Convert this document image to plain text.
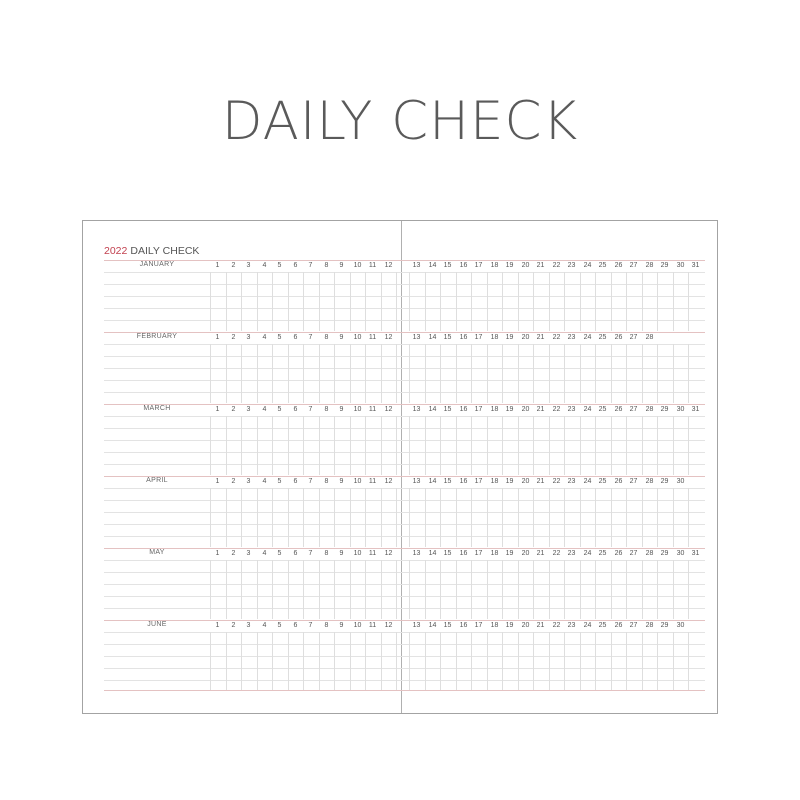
DAILY CHECK
2022 DAILY CHECK
JANUARY	1	2	3	4	5	6	7	8	9	10	11	12	13	14	15	16	17	18	19	20	21	22	23	24	25	26	27	28	29	30	31
FEBRUARY	1	2	3	4	5	6	7	8	9	10	11	12	13	14	15	16	17	18	19	20	21	22	23	24	25	26	27	28
MARCH	1	2	3	4	5	6	7	8	9	10	11	12	13	14	15	16	17	18	19	20	21	22	23	24	25	26	27	28	29	30	31
APRIL	1	2	3	4	5	6	7	8	9	10	11	12	13	14	15	16	17	18	19	20	21	22	23	24	25	26	27	28	29	30
MAY	1	2	3	4	5	6	7	8	9	10	11	12	13	14	15	16	17	18	19	20	21	22	23	24	25	26	27	28	29	30	31
JUNE	1	2	3	4	5	6	7	8	9	10	11	12	13	14	15	16	17	18	19	20	21	22	23	24	25	26	27	28	29	30
